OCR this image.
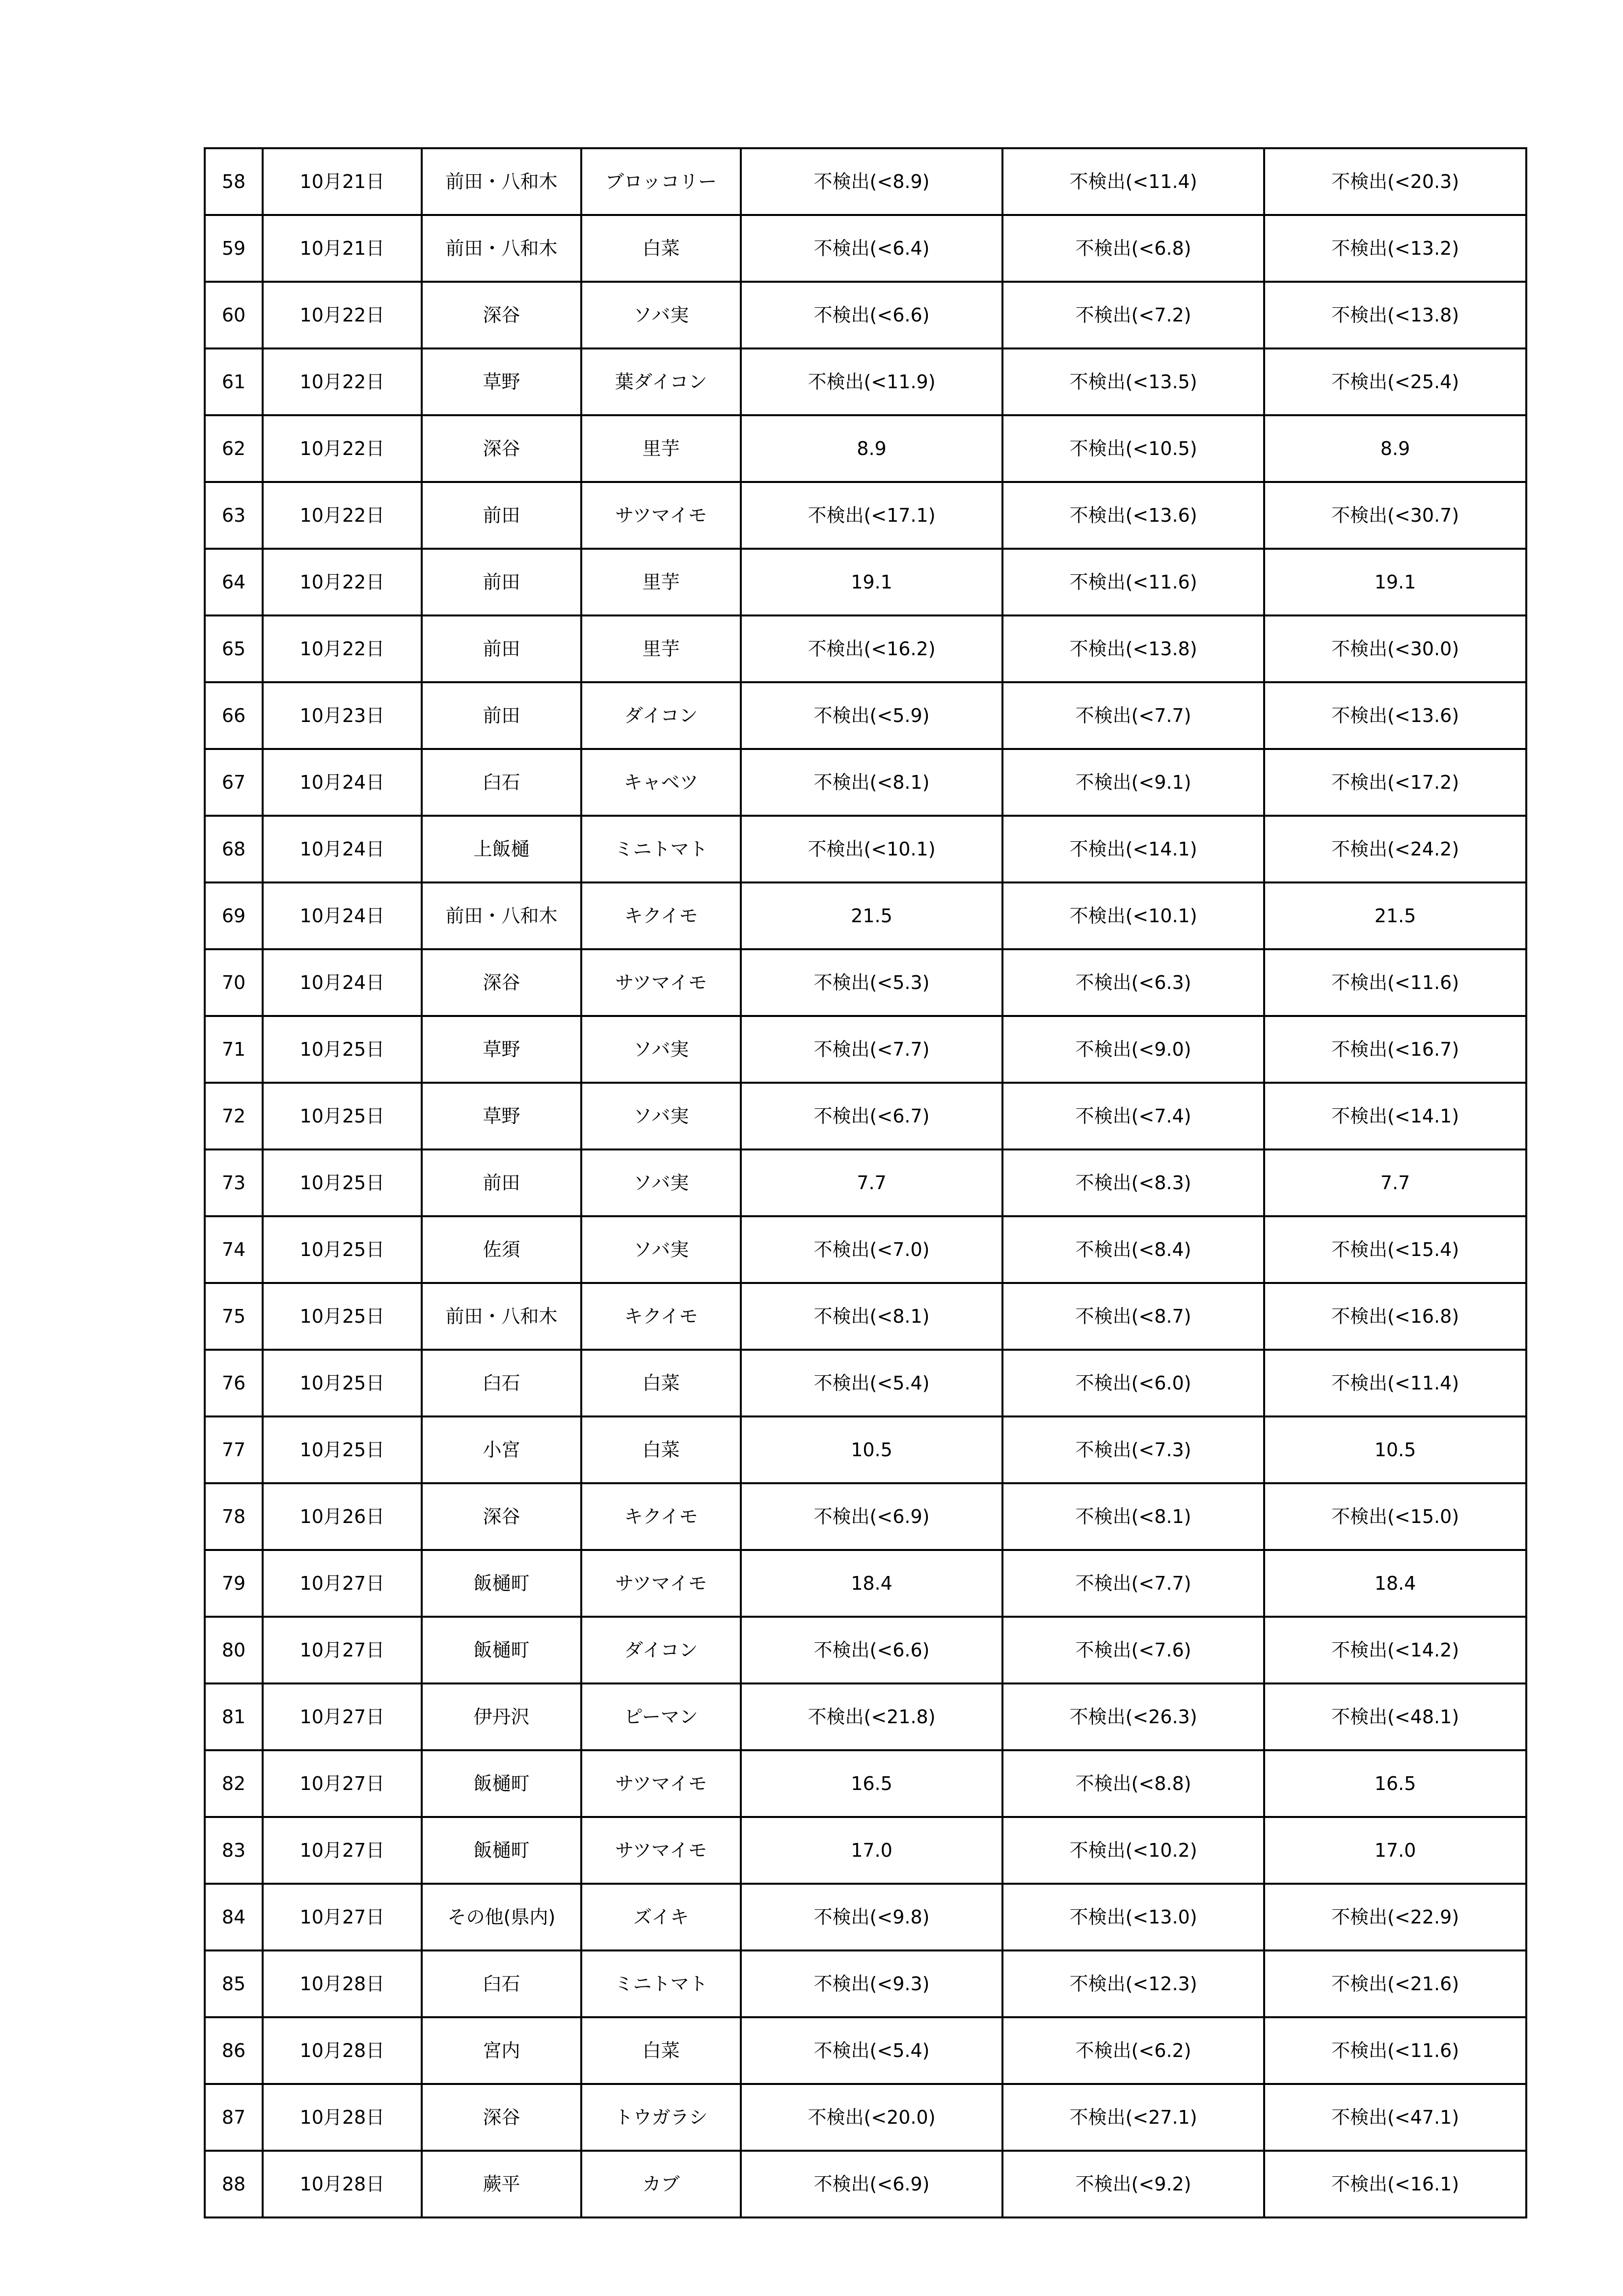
58	10月21日	前田・八和木	ブロッコリー	不検出(<8.9)	不検出(<11.4)	不検出(<20.3)
59	10月21日	前田・八和木	白菜	不検出(<6.4)	不検出(<6.8)	不検出(<13.2)
60	10月22日	深谷	ソバ実	不検出(<6.6)	不検出(<7.2)	不検出(<13.8)
61	10月22日	草野	葉ダイコン	不検出(<11.9)	不検出(<13.5)	不検出(<25.4)
62	10月22日	深谷	里芋	8.9	不検出(<10.5)	8.9
63	10月22日	前田	サツマイモ	不検出(<17.1)	不検出(<13.6)	不検出(<30.7)
64	10月22日	前田	里芋	19.1	不検出(<11.6)	19.1
65	10月22日	前田	里芋	不検出(<16.2)	不検出(<13.8)	不検出(<30.0)
66	10月23日	前田	ダイコン	不検出(<5.9)	不検出(<7.7)	不検出(<13.6)
67	10月24日	臼石	キャベツ	不検出(<8.1)	不検出(<9.1)	不検出(<17.2)
68	10月24日	上飯樋	ミニトマト	不検出(<10.1)	不検出(<14.1)	不検出(<24.2)
69	10月24日	前田・八和木	キクイモ	21.5	不検出(<10.1)	21.5
70	10月24日	深谷	サツマイモ	不検出(<5.3)	不検出(<6.3)	不検出(<11.6)
71	10月25日	草野	ソバ実	不検出(<7.7)	不検出(<9.0)	不検出(<16.7)
72	10月25日	草野	ソバ実	不検出(<6.7)	不検出(<7.4)	不検出(<14.1)
73	10月25日	前田	ソバ実	7.7	不検出(<8.3)	7.7
74	10月25日	佐須	ソバ実	不検出(<7.0)	不検出(<8.4)	不検出(<15.4)
75	10月25日	前田・八和木	キクイモ	不検出(<8.1)	不検出(<8.7)	不検出(<16.8)
76	10月25日	臼石	白菜	不検出(<5.4)	不検出(<6.0)	不検出(<11.4)
77	10月25日	小宮	白菜	10.5	不検出(<7.3)	10.5
78	10月26日	深谷	キクイモ	不検出(<6.9)	不検出(<8.1)	不検出(<15.0)
79	10月27日	飯樋町	サツマイモ	18.4	不検出(<7.7)	18.4
80	10月27日	飯樋町	ダイコン	不検出(<6.6)	不検出(<7.6)	不検出(<14.2)
81	10月27日	伊丹沢	ピーマン	不検出(<21.8)	不検出(<26.3)	不検出(<48.1)
82	10月27日	飯樋町	サツマイモ	16.5	不検出(<8.8)	16.5
83	10月27日	飯樋町	サツマイモ	17.0	不検出(<10.2)	17.0
84	10月27日	その他(県内)	ズイキ	不検出(<9.8)	不検出(<13.0)	不検出(<22.9)
85	10月28日	臼石	ミニトマト	不検出(<9.3)	不検出(<12.3)	不検出(<21.6)
86	10月28日	宮内	白菜	不検出(<5.4)	不検出(<6.2)	不検出(<11.6)
87	10月28日	深谷	トウガラシ	不検出(<20.0)	不検出(<27.1)	不検出(<47.1)
88	10月28日	蕨平	カブ	不検出(<6.9)	不検出(<9.2)	不検出(<16.1)
